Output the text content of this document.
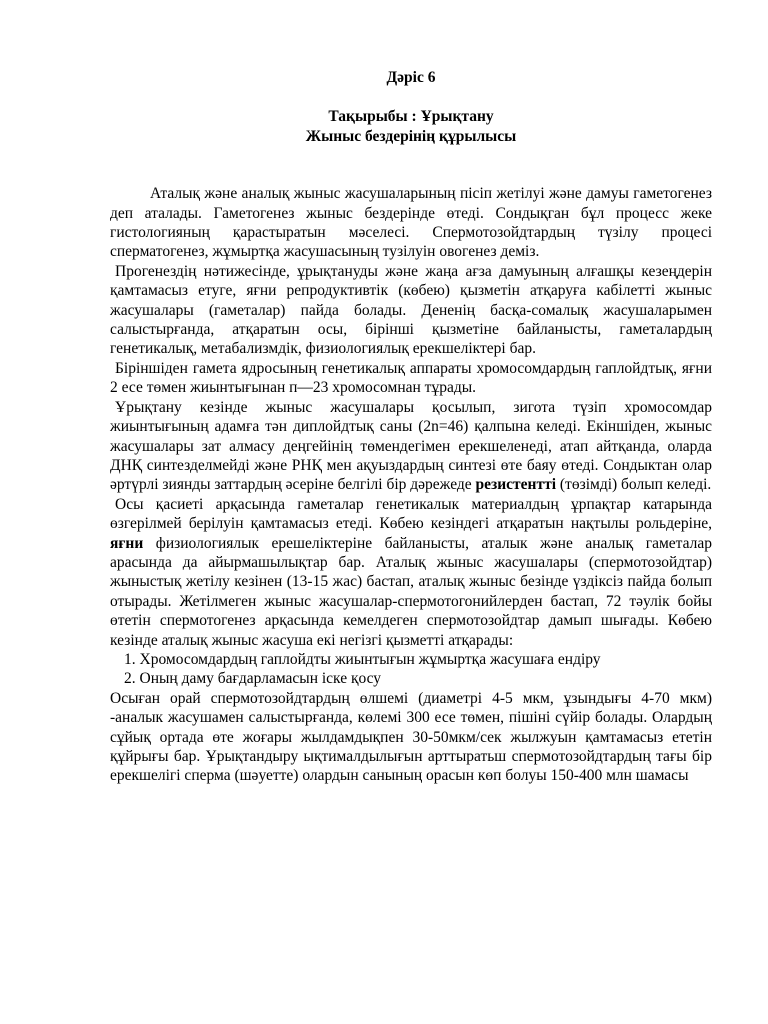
Дәріс 6
Тақырыбы : Ұрықтану
Жыныс бездерінің құрылысы

Аталық және аналық жыныс жасушаларының пісіп жетілуі және дамуы гаметогенез деп аталады. Гаметогенез жыныс бездерінде өтеді. Сондықган бұл процесс жеке гистологияның қарастыратын мәселесі. Спермотозойдтардың түзілу процесі сперматогенез, жұмыртқа жасушасының тузілуін овогенез деміз.

Прогенездің нәтижесінде, ұрықтануды және жаңа ағза дамуының алғашқы кезеңдерін қамтамасыз етуге, яғни репродуктивтік (көбею) қызметін атқаруға кабілетті жыныс жасушалары (гаметалар) пайда болады. Дененің басқа-сомалық жасушаларымен салыстырғанда, атқаратын осы, бірінші қызметіне байланысты, гаметалардың генетикалық, метабализмдік, физиологиялық ерекшеліктері бар.

Біріншіден гамета ядросының генетикалық аппараты хромосомдардың гаплойдтық, яғни 2 есе төмен жиынтығынан п—23 хромосомнан тұрады.

Ұрықтану кезінде жыныс жасушалары қосылып, зигота түзіп хромосомдар жиынтығының адамға тән диплойдтық саны (2n=46) қалпына келеді. Екіншіден, жыныс жасушалары зат алмасу деңгейінің төмендегімен ерекшеленеді, атап айтқанда, оларда ДНҚ синтезделмейді және РНҚ мен ақуыздардың синтезі өте баяу өтеді. Сондыктан олар әртүрлі зиянды заттардың әсеріне белгілі бір дәрежеде резистентті (төзімді) болып келеді.

Осы қасиеті арқасында гаметалар генетикалык материалдың ұрпақтар катарында өзгерілмей берілуін қамтамасыз етеді. Көбею кезіндегі атқаратын нақтылы рольдеріне, яғни физиологиялык ерешеліктеріне байланысты, аталык және аналық гаметалар арасында да айырмашылықтар бар. Аталық жыныс жасушалары (спермотозойдтар) жыныстық жетілу кезінен (13-15 жас) бастап, аталық жыныс безінде үздіксіз пайда болып отырады. Жетілмеген жыныс жасушалар-спермотогонийлерден бастап, 72 тәулік бойы өтетін спермотогенез арқасында кемелдеген спермотозойдтар дамып шығады. Көбею кезінде аталық жыныс жасуша екі негізгі қызметті атқарады:

1. Хромосомдардың гаплойдты жиынтығын жұмыртқа жасушаға ендіру
2. Оның даму бағдарламасын іске қосу

Осыған орай спермотозойдтардың өлшемі (диаметрі 4-5 мкм, ұзындығы 4-70 мкм) -аналык жасушамен салыстырғанда, көлемі 300 есе төмен, пішіні сүйір болады. Олардың сұйық ортада өте жоғары жылдамдықпен 30-50мкм/сек жылжуын қамтамасыз ететін құйрығы бар. Ұрықтандыру ықтималдылығын арттыратьш спермотозойдтардың тағы бір ерекшелігі сперма (шәуетте) олардын санының орасын көп болуы 150-400 млн шамасы
